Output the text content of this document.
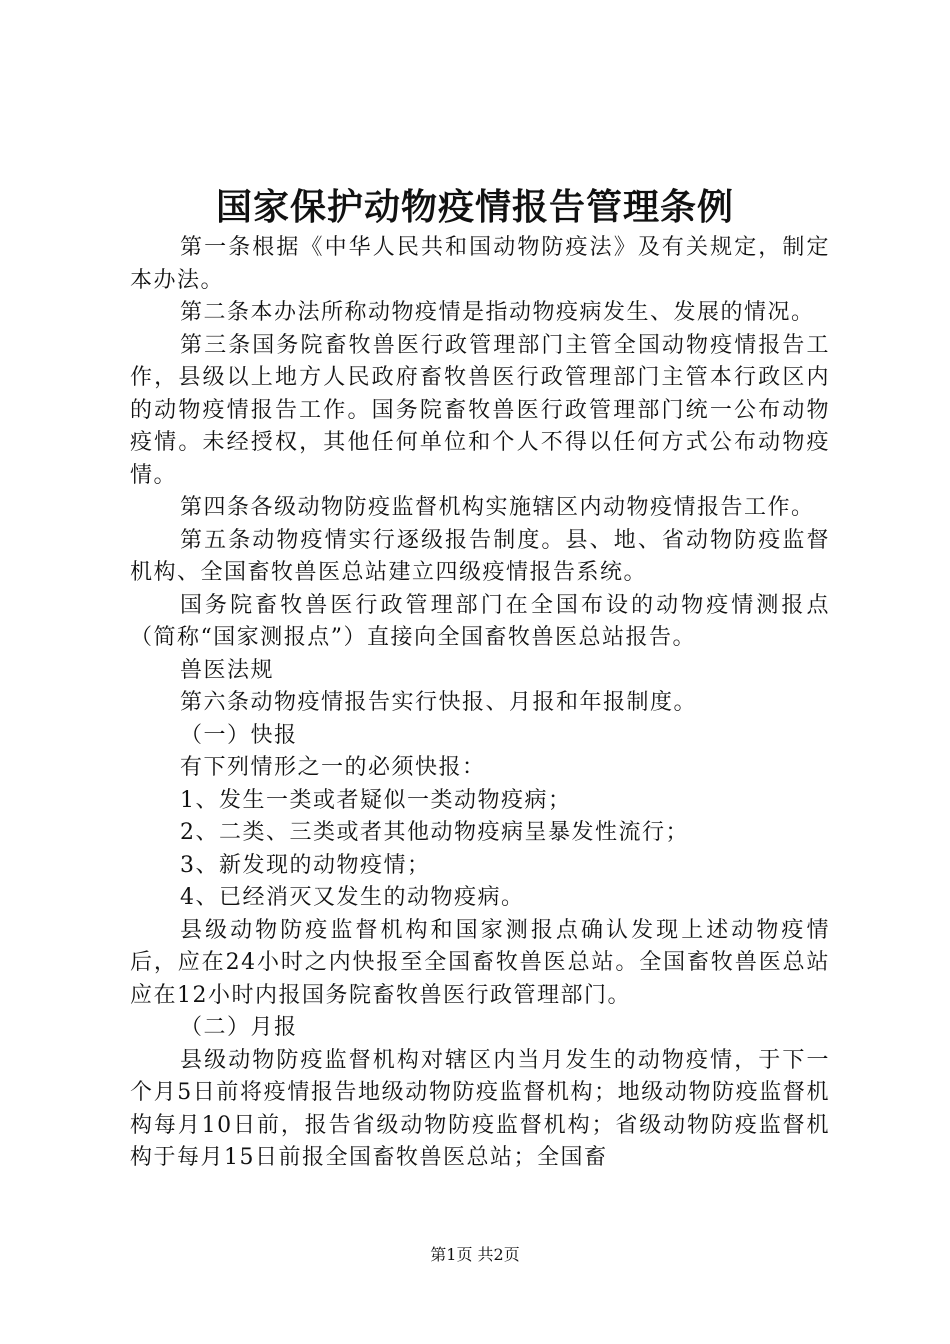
国家保护动物疫情报告管理条例

第一条根据《中华人民共和国动物防疫法》及有关规定，制定本办法。

第二条本办法所称动物疫情是指动物疫病发生、发展的情况。

第三条国务院畜牧兽医行政管理部门主管全国动物疫情报告工作，县级以上地方人民政府畜牧兽医行政管理部门主管本行政区内的动物疫情报告工作。国务院畜牧兽医行政管理部门统一公布动物疫情。未经授权，其他任何单位和个人不得以任何方式公布动物疫情。

第四条各级动物防疫监督机构实施辖区内动物疫情报告工作。

第五条动物疫情实行逐级报告制度。县、地、省动物防疫监督机构、全国畜牧兽医总站建立四级疫情报告系统。

国务院畜牧兽医行政管理部门在全国布设的动物疫情测报点（简称“国家测报点”）直接向全国畜牧兽医总站报告。

兽医法规

第六条动物疫情报告实行快报、月报和年报制度。

（一）快报

有下列情形之一的必须快报：

1、发生一类或者疑似一类动物疫病；

2、二类、三类或者其他动物疫病呈暴发性流行；

3、新发现的动物疫情；

4、已经消灭又发生的动物疫病。

县级动物防疫监督机构和国家测报点确认发现上述动物疫情后，应在24小时之内快报至全国畜牧兽医总站。全国畜牧兽医总站应在12小时内报国务院畜牧兽医行政管理部门。

（二）月报

县级动物防疫监督机构对辖区内当月发生的动物疫情，于下一个月5日前将疫情报告地级动物防疫监督机构；地级动物防疫监督机构每月10日前，报告省级动物防疫监督机构；省级动物防疫监督机构于每月15日前报全国畜牧兽医总站；全国畜

第1页 共2页
